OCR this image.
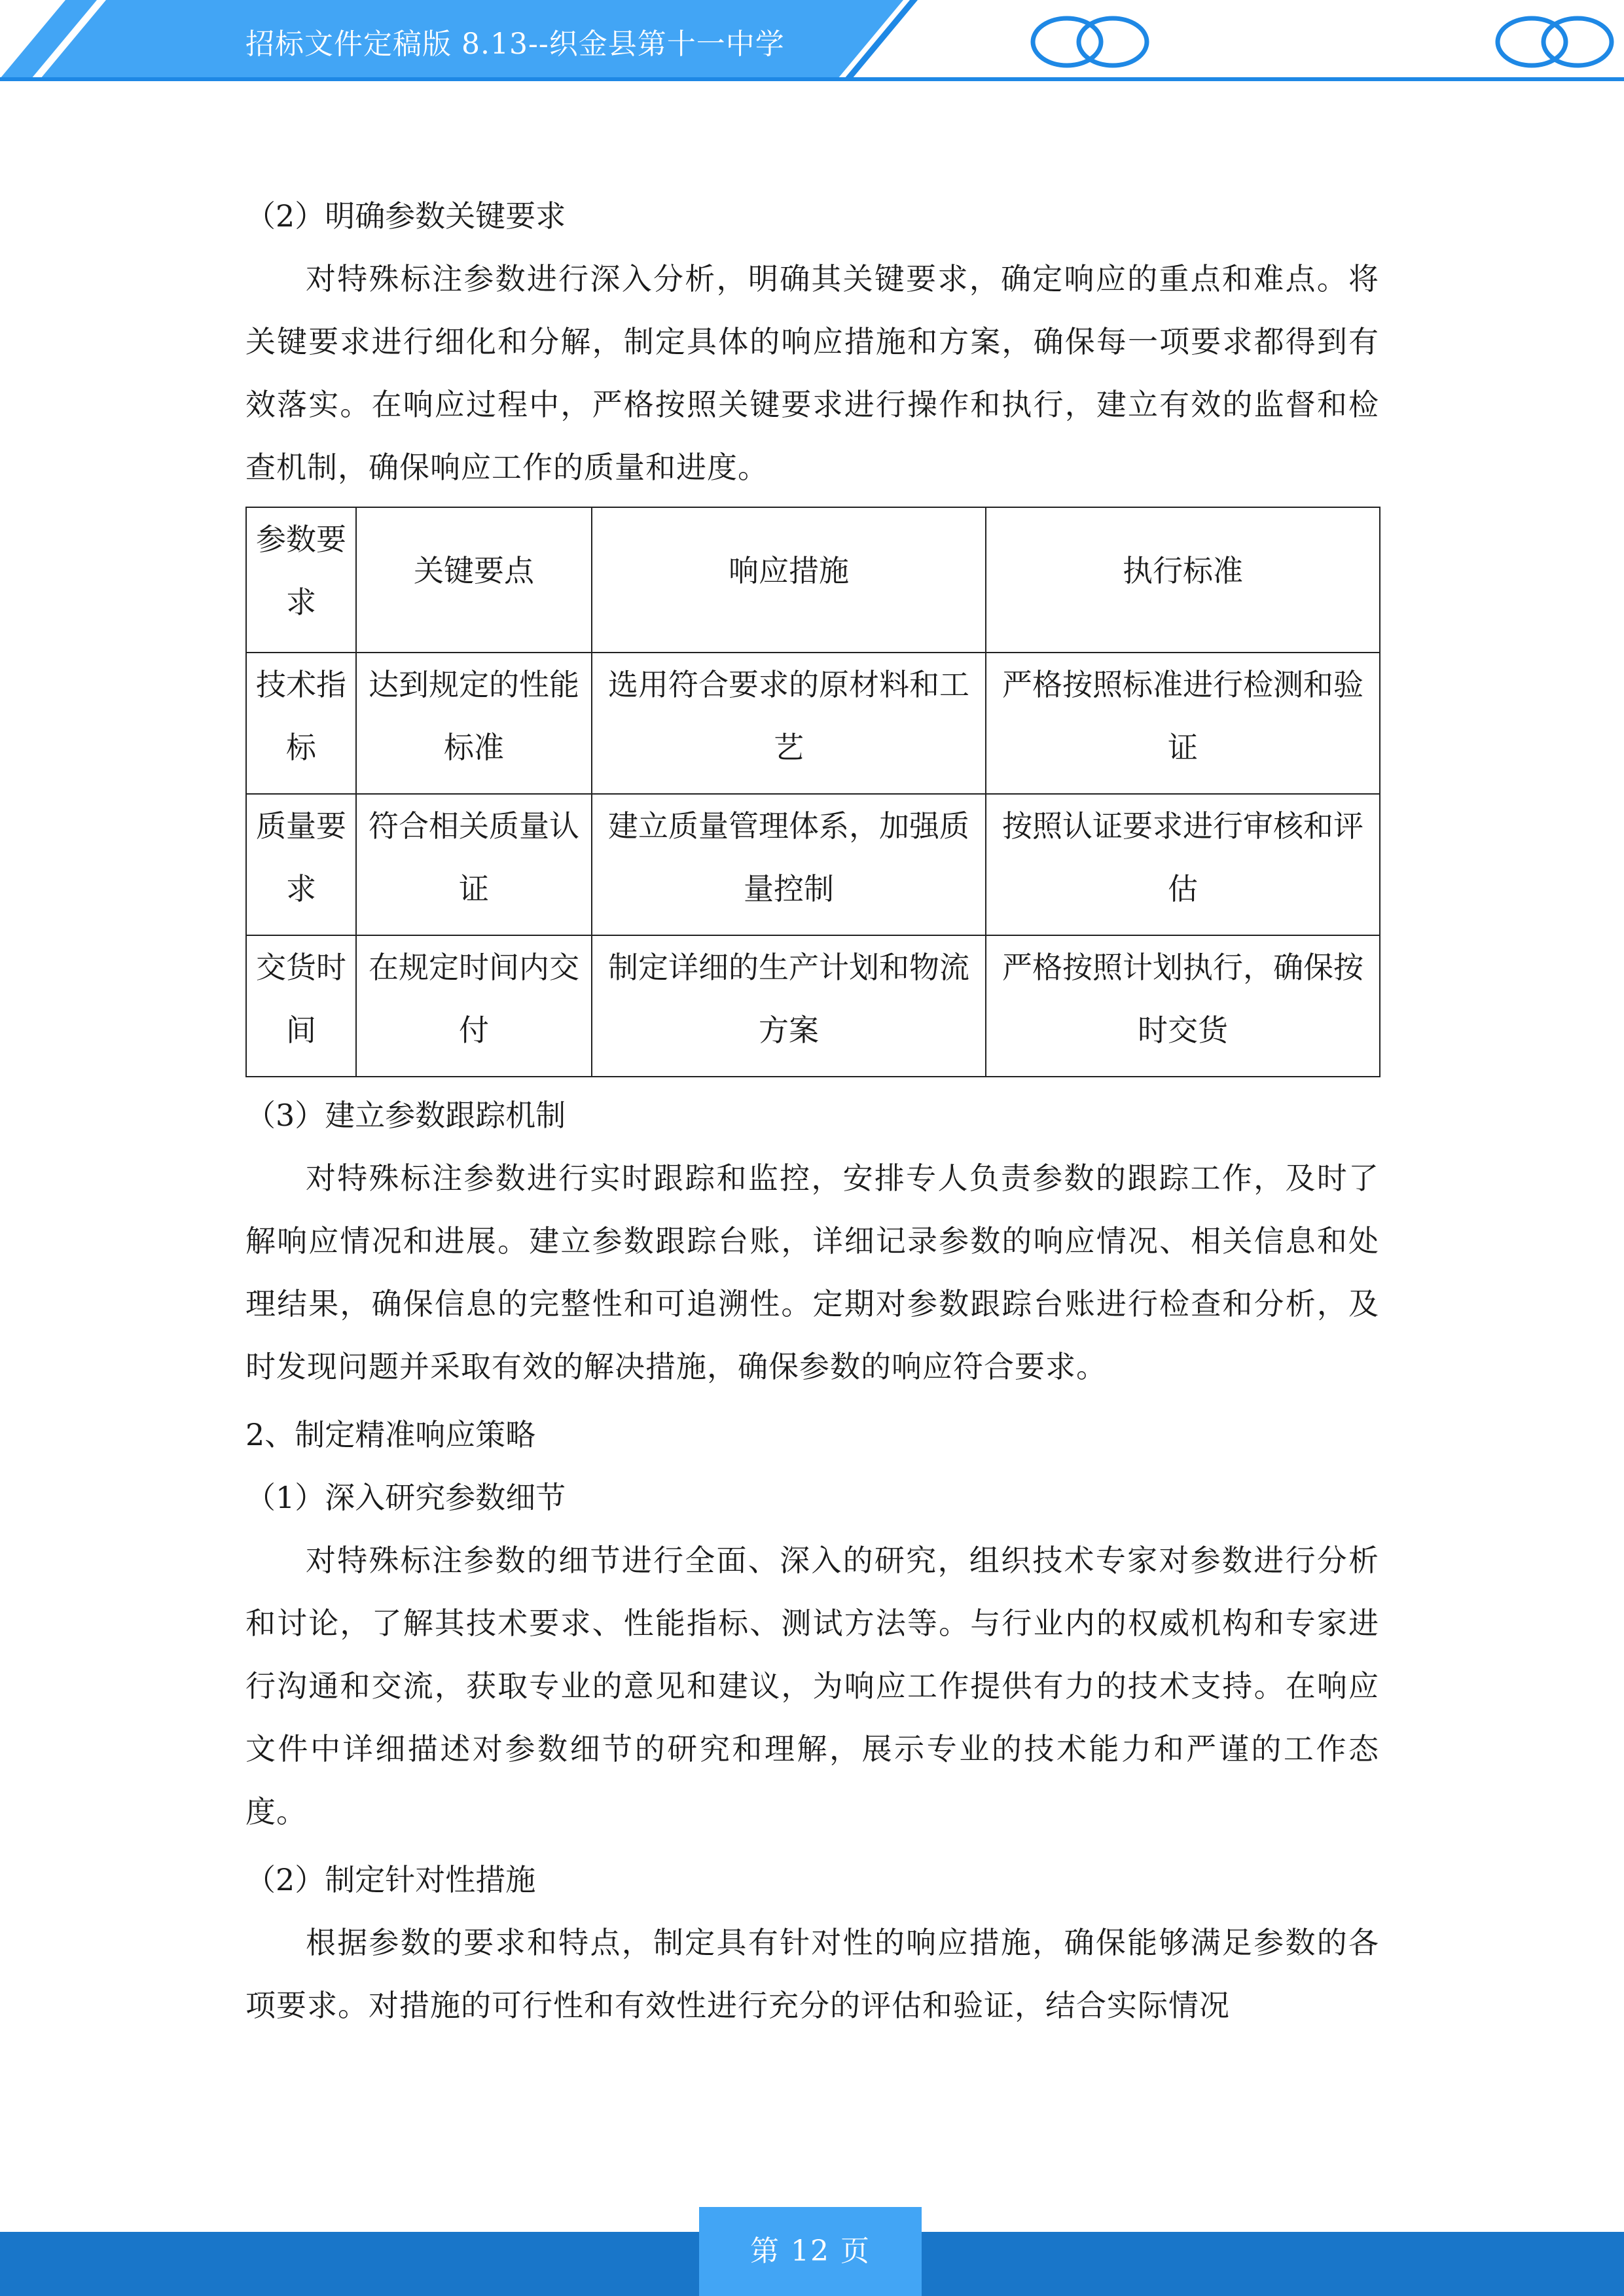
招标文件定稿版 8.13--织金县第十一中学

（2）明确参数关键要求

对特殊标注参数进行深入分析，明确其关键要求，确定响应的重点和难点。将关键要求进行细化和分解，制定具体的响应措施和方案，确保每一项要求都得到有效落实。在响应过程中，严格按照关键要求进行操作和执行，建立有效的监督和检查机制，确保响应工作的质量和进度。

参数要求	关键要点	响应措施	执行标准
技术指标	达到规定的性能标准	选用符合要求的原材料和工艺	严格按照标准进行检测和验证
质量要求	符合相关质量认证	建立质量管理体系，加强质量控制	按照认证要求进行审核和评估
交货时间	在规定时间内交付	制定详细的生产计划和物流方案	严格按照计划执行，确保按时交货

（3）建立参数跟踪机制

对特殊标注参数进行实时跟踪和监控，安排专人负责参数的跟踪工作，及时了解响应情况和进展。建立参数跟踪台账，详细记录参数的响应情况、相关信息和处理结果，确保信息的完整性和可追溯性。定期对参数跟踪台账进行检查和分析，及时发现问题并采取有效的解决措施，确保参数的响应符合要求。

2、制定精准响应策略

（1）深入研究参数细节

对特殊标注参数的细节进行全面、深入的研究，组织技术专家对参数进行分析和讨论，了解其技术要求、性能指标、测试方法等。与行业内的权威机构和专家进行沟通和交流，获取专业的意见和建议，为响应工作提供有力的技术支持。在响应文件中详细描述对参数细节的研究和理解，展示专业的技术能力和严谨的工作态度。

（2）制定针对性措施

根据参数的要求和特点，制定具有针对性的响应措施，确保能够满足参数的各项要求。对措施的可行性和有效性进行充分的评估和验证，结合实际情况

第 12 页
